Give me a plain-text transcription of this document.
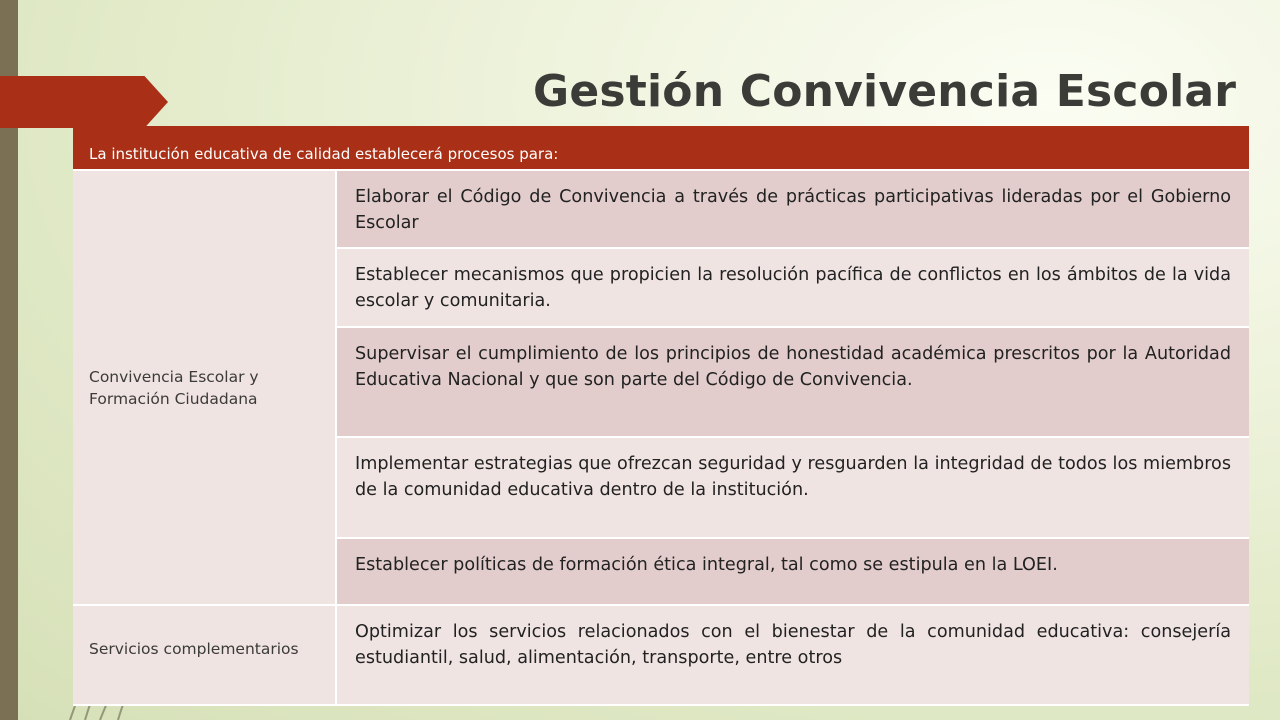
Gestión Convivencia Escolar
La institución educativa de calidad establecerá procesos para:	
Convivencia Escolar y Formación Ciudadana	Elaborar el Código de Convivencia a través de prácticas participativas lideradas por el Gobierno Escolar
	Establecer mecanismos que propicien la resolución pacífica de conflictos en los ámbitos de la vida escolar y comunitaria.
	Supervisar el cumplimiento de los principios de honestidad académica prescritos por la Autoridad Educativa Nacional y que son parte del Código de Convivencia.
	Implementar estrategias que ofrezcan seguridad y resguarden la integridad de todos los miembros de la comunidad educativa dentro de la institución.
	Establecer políticas de formación ética integral, tal como se estipula en la LOEI.
Servicios complementarios	Optimizar los servicios relacionados con el bienestar de la comunidad educativa: consejería estudiantil, salud, alimentación, transporte, entre otros
